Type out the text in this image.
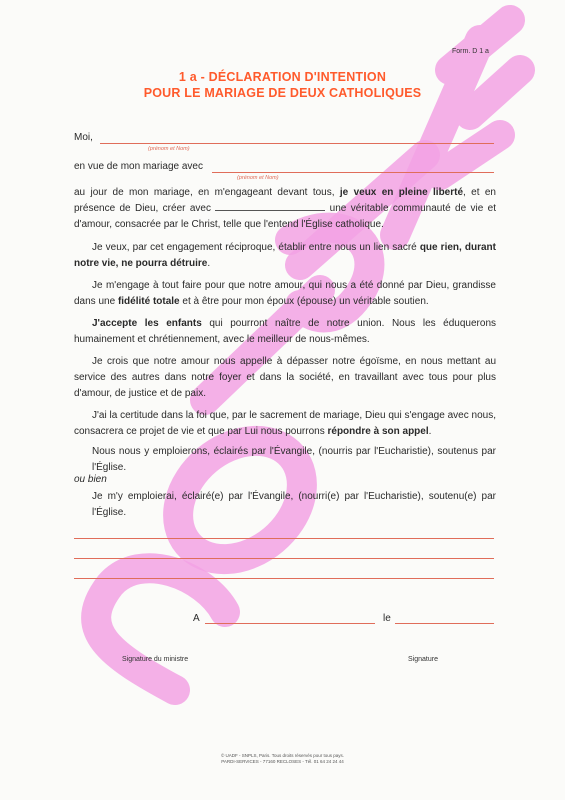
Form. D 1 a
1 a - DÉCLARATION D'INTENTION
POUR LE MARIAGE DE DEUX CATHOLIQUES
Moi,
(prénom et Nom)
en vue de mon mariage avec
(prénom et Nom)
au jour de mon mariage, en m'engageant devant tous, je veux en pleine liberté, et en présence de Dieu, créer avec	une véritable communauté de vie et d'amour, consacrée par le Christ, telle que l'entend l'Église catholique.
Je veux, par cet engagement réciproque, établir entre nous un lien sacré que rien, durant notre vie, ne pourra détruire.
Je m'engage à tout faire pour que notre amour, qui nous a été donné par Dieu, grandisse dans une fidélité totale et à être pour mon époux (épouse) un véritable soutien.
J'accepte les enfants qui pourront naître de notre union. Nous les éduquerons humainement et chrétiennement, avec le meilleur de nous-mêmes.
Je crois que notre amour nous appelle à dépasser notre égoïsme, en nous mettant au service des autres dans notre foyer et dans la société, en travaillant avec tous pour plus d'amour, de justice et de paix.
J'ai la certitude dans la foi que, par le sacrement de mariage, Dieu qui s'engage avec nous, consacrera ce projet de vie et que par Lui nous pourrons répondre à son appel.
Nous nous y emploierons, éclairés par l'Évangile, (nourris par l'Eucharistie), soutenus par l'Église.
ou bien
Je m'y emploierai, éclairé(e) par l'Évangile, (nourri(e) par l'Eucharistie), soutenu(e) par l'Église.
A	le
Signature du ministre	Signature
© UADF - SNPLS, Paris. Tous droits réservés pour tous pays.
PARDI-SERVICES - 77160 RECLOSES - Tél. 01 64 24 24 44
